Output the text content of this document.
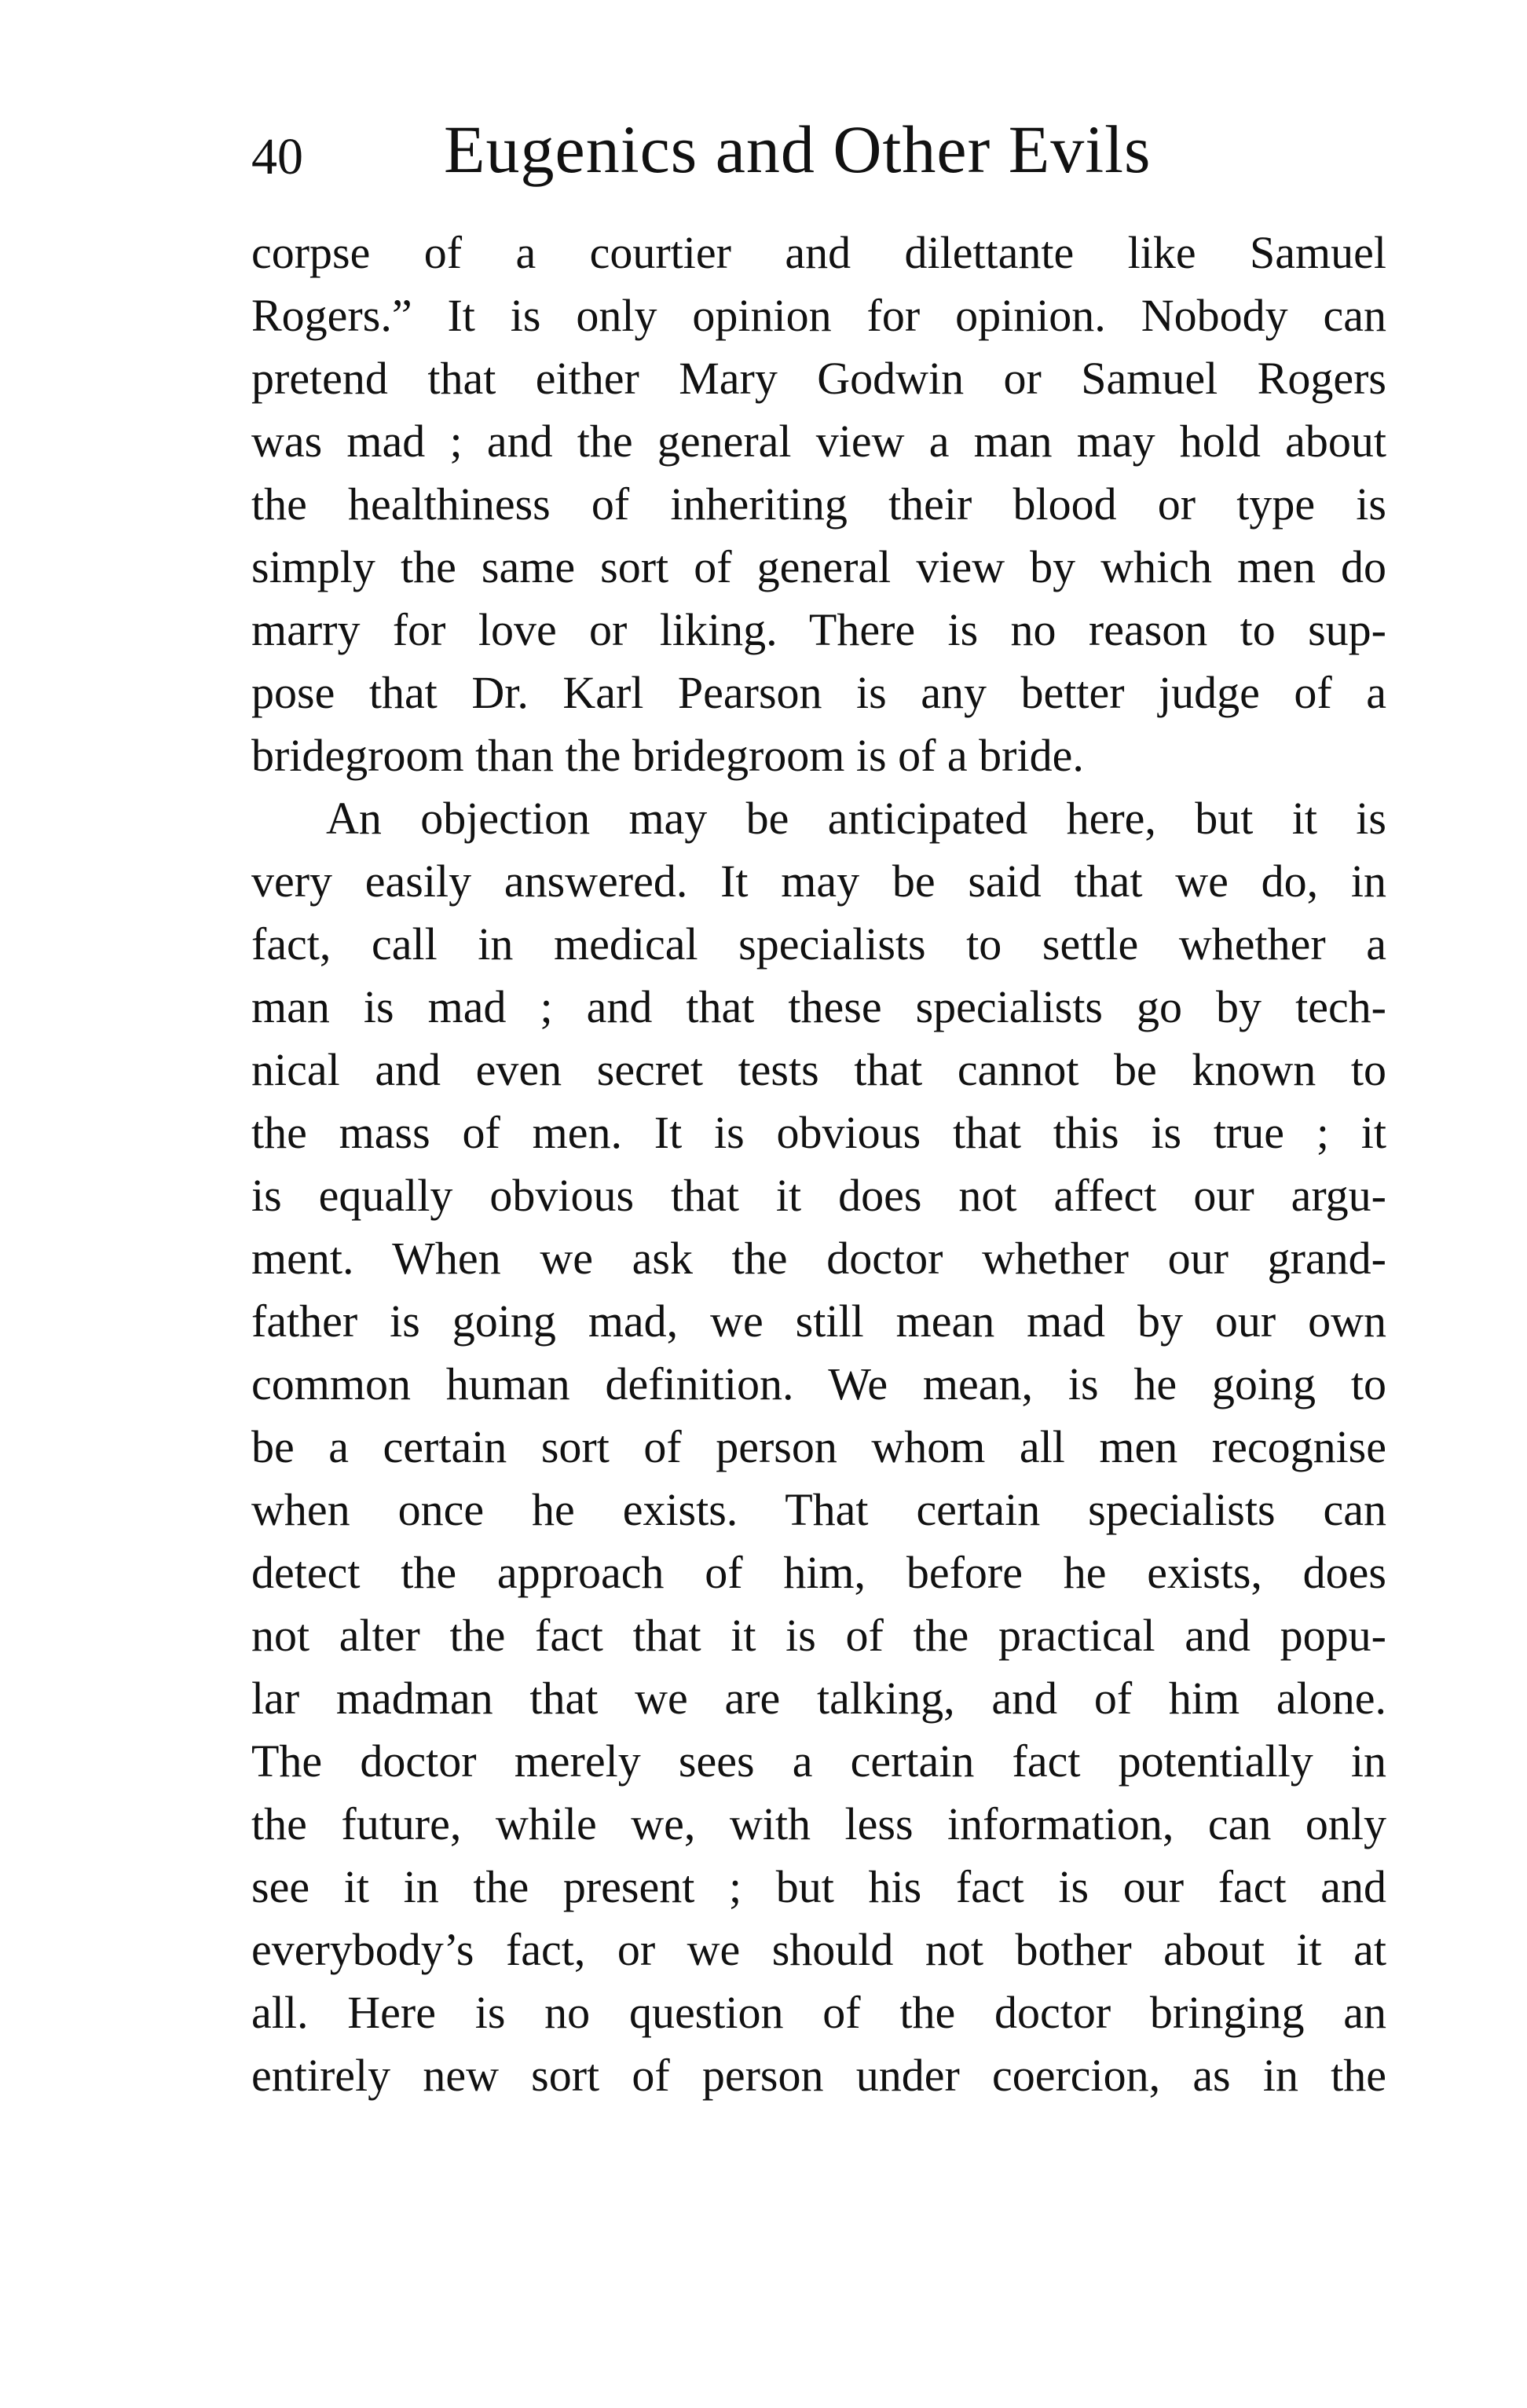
40 Eugenics and Other Evils
corpse of a courtier and dilettante like Samuel
Rogers.” It is only opinion for opinion. Nobody can
pretend that either Mary Godwin or Samuel Rogers
was mad ; and the general view a man may hold about
the healthiness of inheriting their blood or type is
simply the same sort of general view by which men do
marry for love or liking. There is no reason to sup-
pose that Dr. Karl Pearson is any better judge of a
bridegroom than the bridegroom is of a bride.
An objection may be anticipated here, but it is
very easily answered. It may be said that we do, in
fact, call in medical specialists to settle whether a
man is mad ; and that these specialists go by tech-
nical and even secret tests that cannot be known to
the mass of men. It is obvious that this is true ; it
is equally obvious that it does not affect our argu-
ment. When we ask the doctor whether our grand-
father is going mad, we still mean mad by our own
common human definition. We mean, is he going to
be a certain sort of person whom all men recognise
when once he exists. That certain specialists can
detect the approach of him, before he exists, does
not alter the fact that it is of the practical and popu-
lar madman that we are talking, and of him alone.
The doctor merely sees a certain fact potentially in
the future, while we, with less information, can only
see it in the present ; but his fact is our fact and
everybody’s fact, or we should not bother about it at
all. Here is no question of the doctor bringing an
entirely new sort of person under coercion, as in the
